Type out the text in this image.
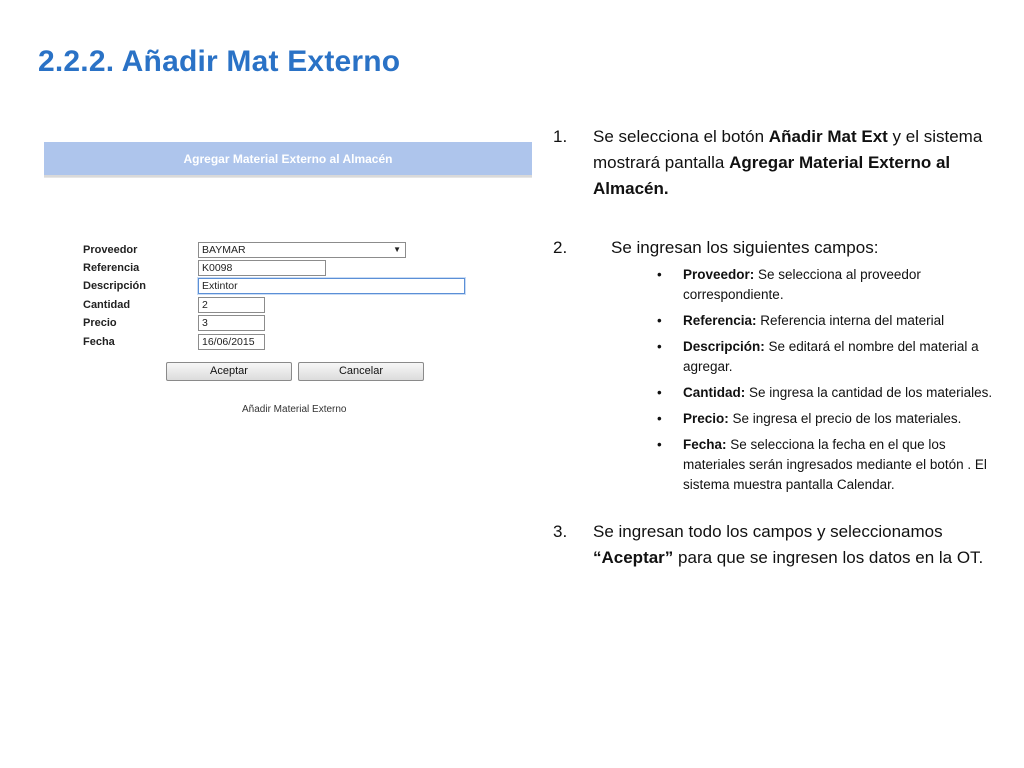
2.2.2. Añadir Mat Externo
Agregar Material Externo al Almacén
Proveedor	BAYMAR	▼
Referencia	K0098
Descripción	Extintor
Cantidad	2
Precio	3
Fecha	16/06/2015
Aceptar	Cancelar
Añadir Material Externo
1. Se selecciona el botón Añadir Mat Ext y el sistema mostrará pantalla Agregar Material Externo al Almacén.
2.	Se ingresan los siguientes campos:
• Proveedor: Se selecciona al proveedor correspondiente.
• Referencia: Referencia interna del material
• Descripción: Se editará el nombre del material a agregar.
• Cantidad: Se ingresa la cantidad de los materiales.
• Precio: Se ingresa el precio de los materiales.
• Fecha: Se selecciona la fecha en el que los materiales serán ingresados mediante el botón . El sistema muestra pantalla Calendar.
3. Se ingresan todo los campos y seleccionamos “Aceptar” para que se ingresen los datos en la OT.
